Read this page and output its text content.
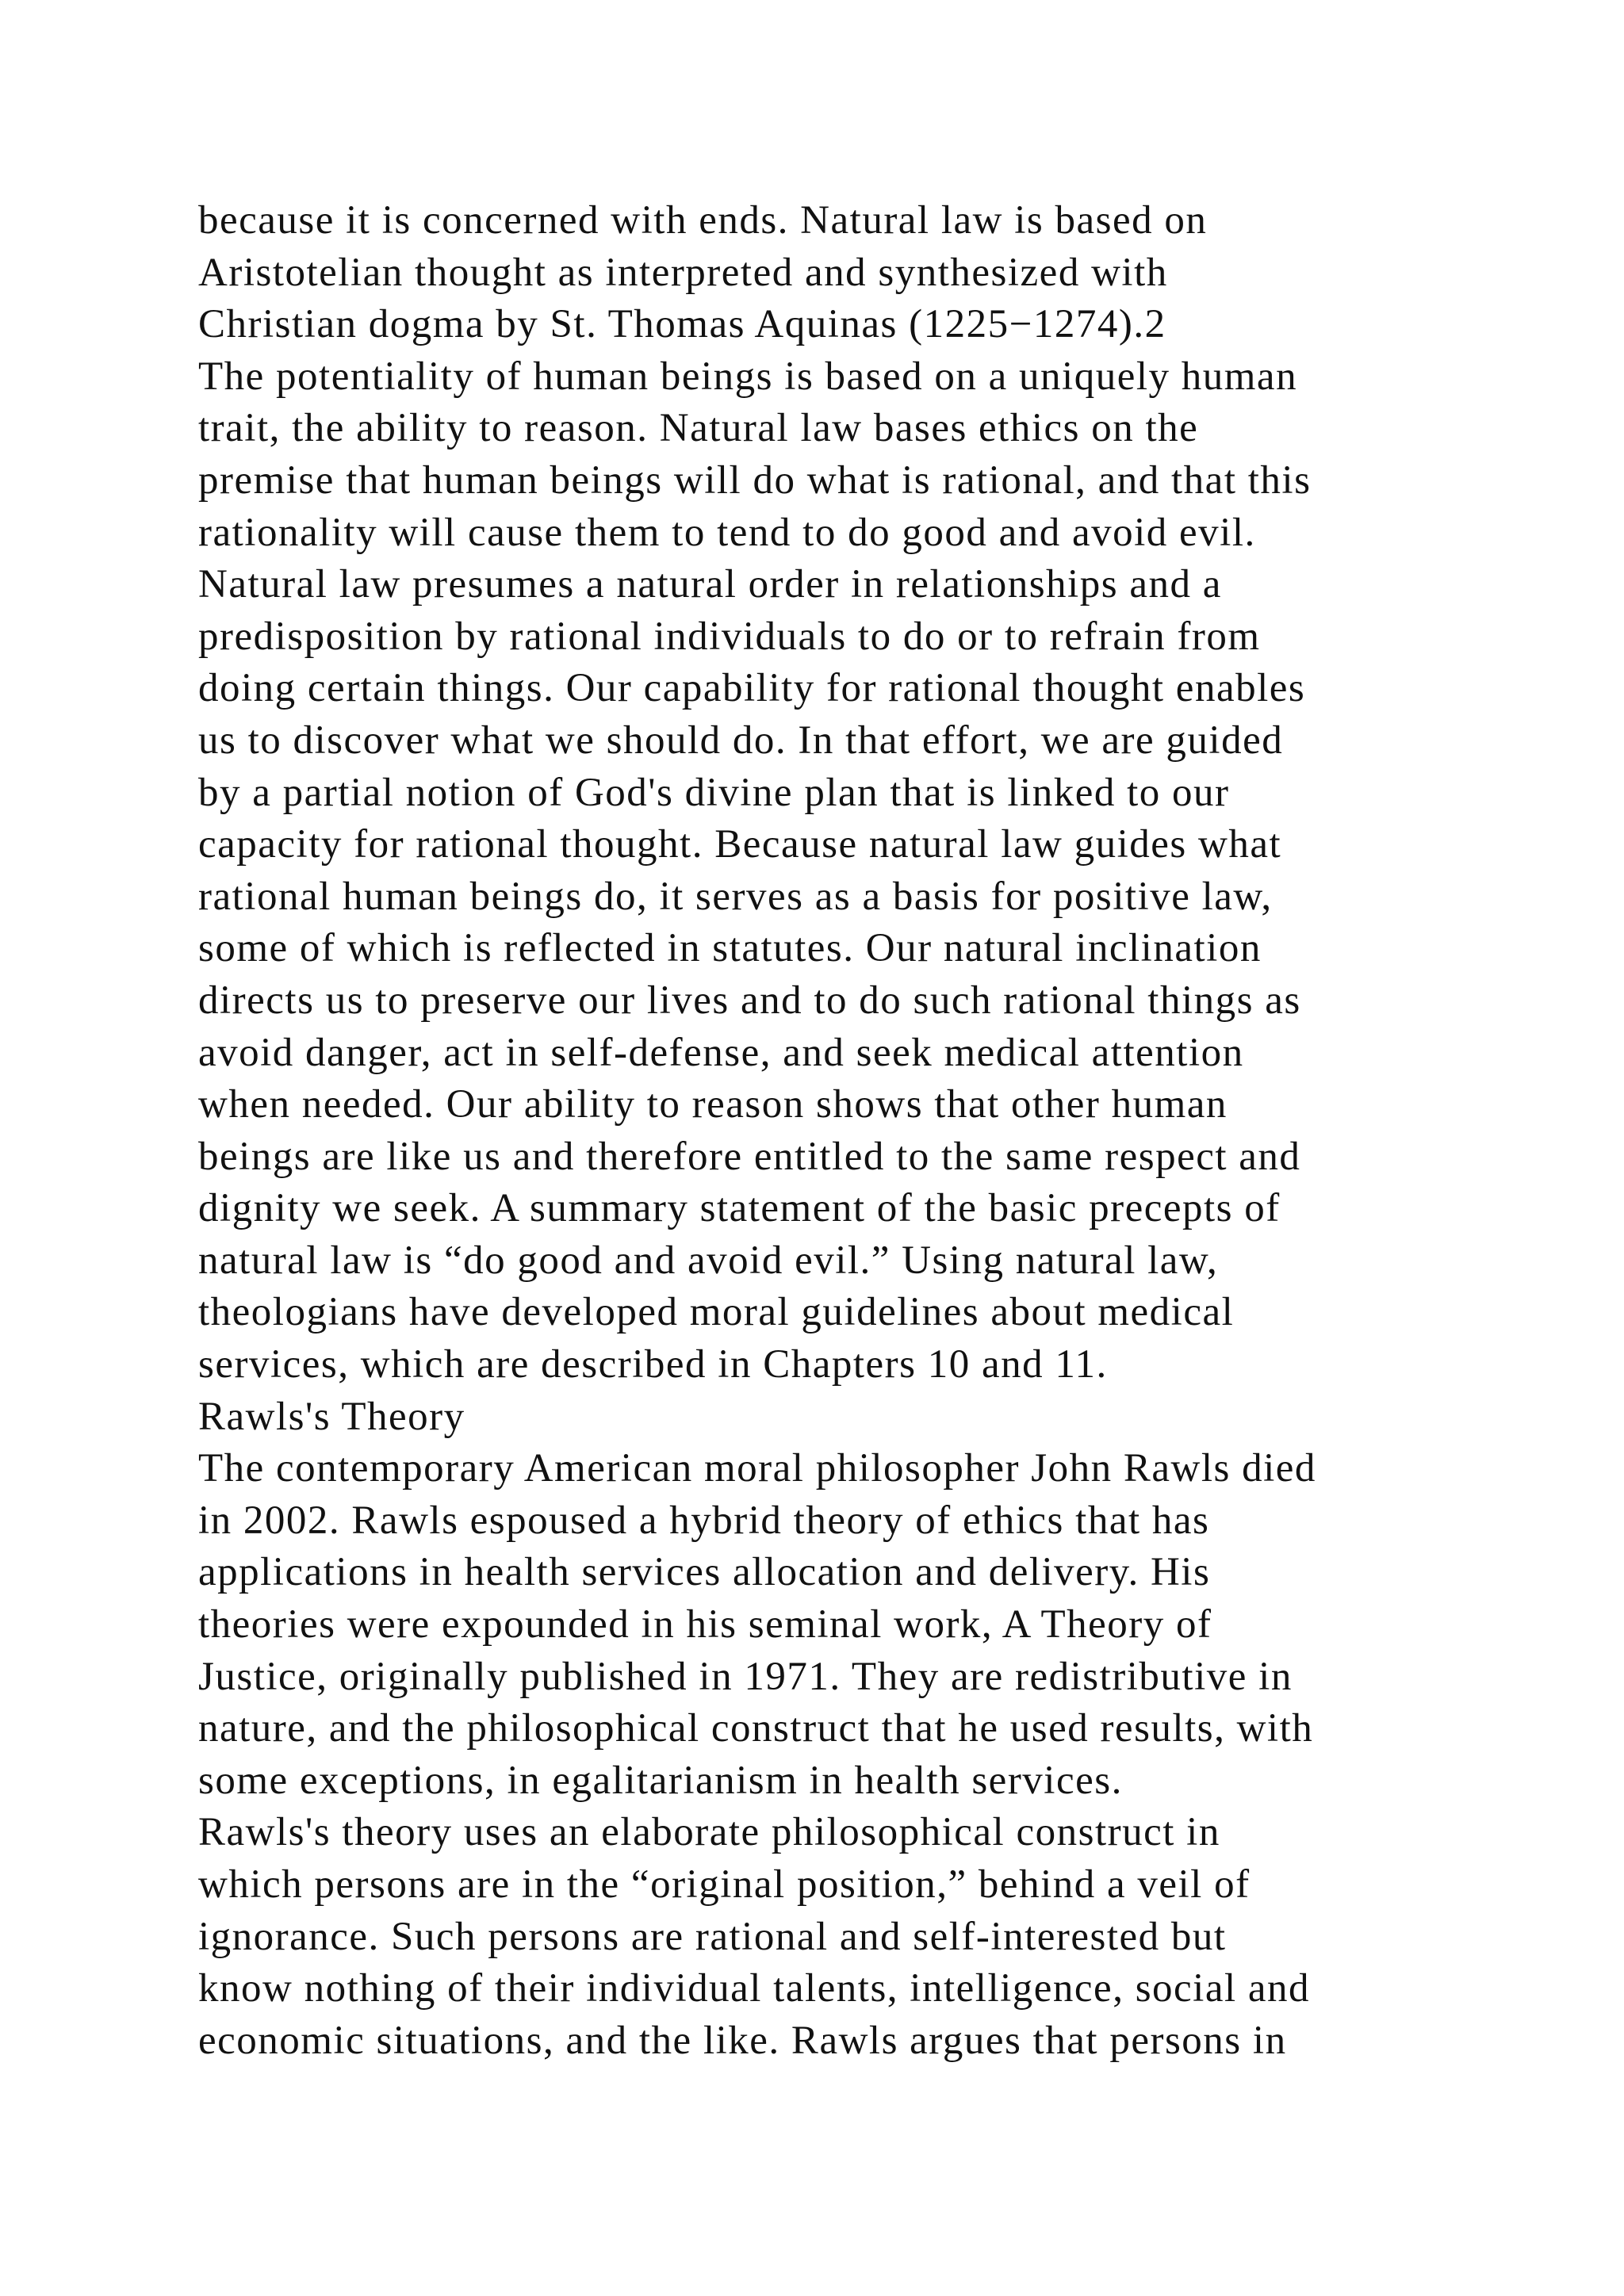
because it is concerned with ends. Natural law is based on
Aristotelian thought as interpreted and synthesized with
Christian dogma by St. Thomas Aquinas (1225−1274).2
The potentiality of human beings is based on a uniquely human
trait, the ability to reason. Natural law bases ethics on the
premise that human beings will do what is rational, and that this
rationality will cause them to tend to do good and avoid evil.
Natural law presumes a natural order in relationships and a
predisposition by rational individuals to do or to refrain from
doing certain things. Our capability for rational thought enables
us to discover what we should do. In that effort, we are guided
by a partial notion of God's divine plan that is linked to our
capacity for rational thought. Because natural law guides what
rational human beings do, it serves as a basis for positive law,
some of which is reflected in statutes. Our natural inclination
directs us to preserve our lives and to do such rational things as
avoid danger, act in self-defense, and seek medical attention
when needed. Our ability to reason shows that other human
beings are like us and therefore entitled to the same respect and
dignity we seek. A summary statement of the basic precepts of
natural law is “do good and avoid evil.” Using natural law,
theologians have developed moral guidelines about medical
services, which are described in Chapters 10 and 11.
Rawls's Theory
The contemporary American moral philosopher John Rawls died
in 2002. Rawls espoused a hybrid theory of ethics that has
applications in health services allocation and delivery. His
theories were expounded in his seminal work, A Theory of
Justice, originally published in 1971. They are redistributive in
nature, and the philosophical construct that he used results, with
some exceptions, in egalitarianism in health services.
Rawls's theory uses an elaborate philosophical construct in
which persons are in the “original position,” behind a veil of
ignorance. Such persons are rational and self-interested but
know nothing of their individual talents, intelligence, social and
economic situations, and the like. Rawls argues that persons in
